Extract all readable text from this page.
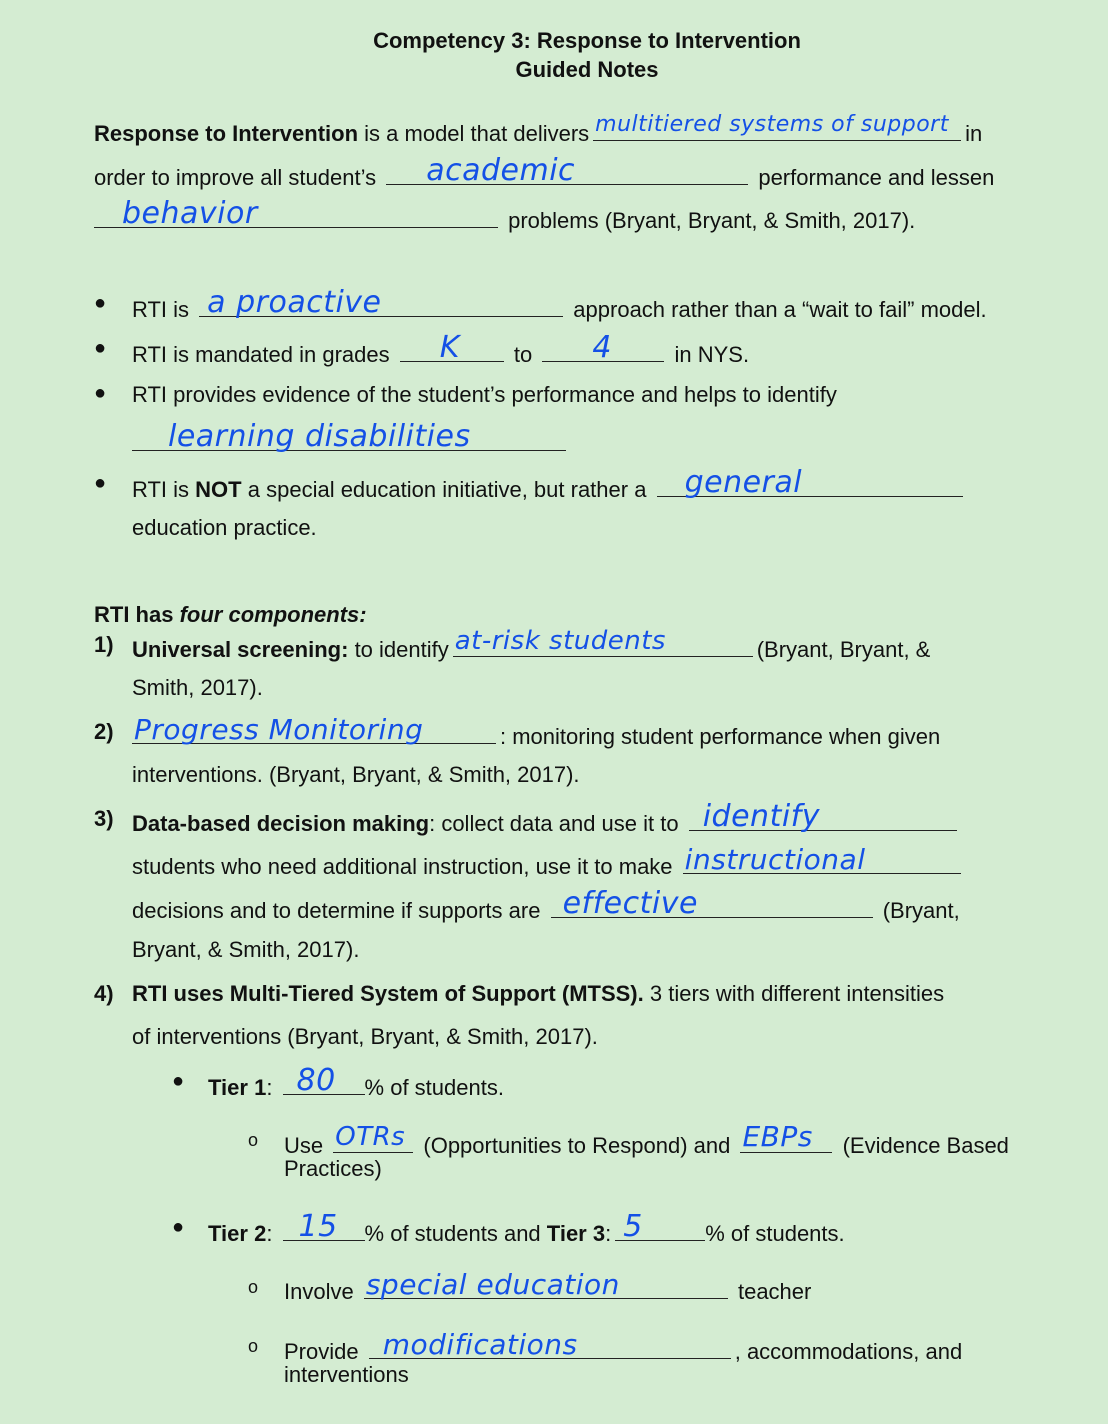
Competency 3: Response to Intervention
Guided Notes
Response to Intervention is a model that delivers multitiered systems of support in
order to improve all student’s academic	performance and lessen
behavior	problems (Bryant, Bryant, & Smith, 2017).
● RTI is a proactive	approach rather than a “wait to fail” model.
● RTI is mandated in grades K to 4	in NYS.
● RTI provides evidence of the student’s performance and helps to identify
learning disabilities
● RTI is NOT a special education initiative, but rather a general
education practice.
RTI has four components:
1) Universal screening: to identify at-risk students	(Bryant, Bryant, &
Smith, 2017).
2) Progress Monitoring	: monitoring student performance when given
interventions. (Bryant, Bryant, & Smith, 2017).
3) Data-based decision making: collect data and use it to identify
students who need additional instruction, use it to make instructional
decisions and to determine if supports are effective	(Bryant,
Bryant, & Smith, 2017).
4) RTI uses Multi-Tiered System of Support (MTSS). 3 tiers with different intensities
of interventions (Bryant, Bryant, & Smith, 2017).
● Tier 1: 80 % of students.
o Use OTRs (Opportunities to Respond) and EBPs (Evidence Based
Practices)
● Tier 2: 15 % of students and Tier 3: 5	% of students.
o Involve special education	teacher
o Provide modifications	, accommodations, and
interventions
